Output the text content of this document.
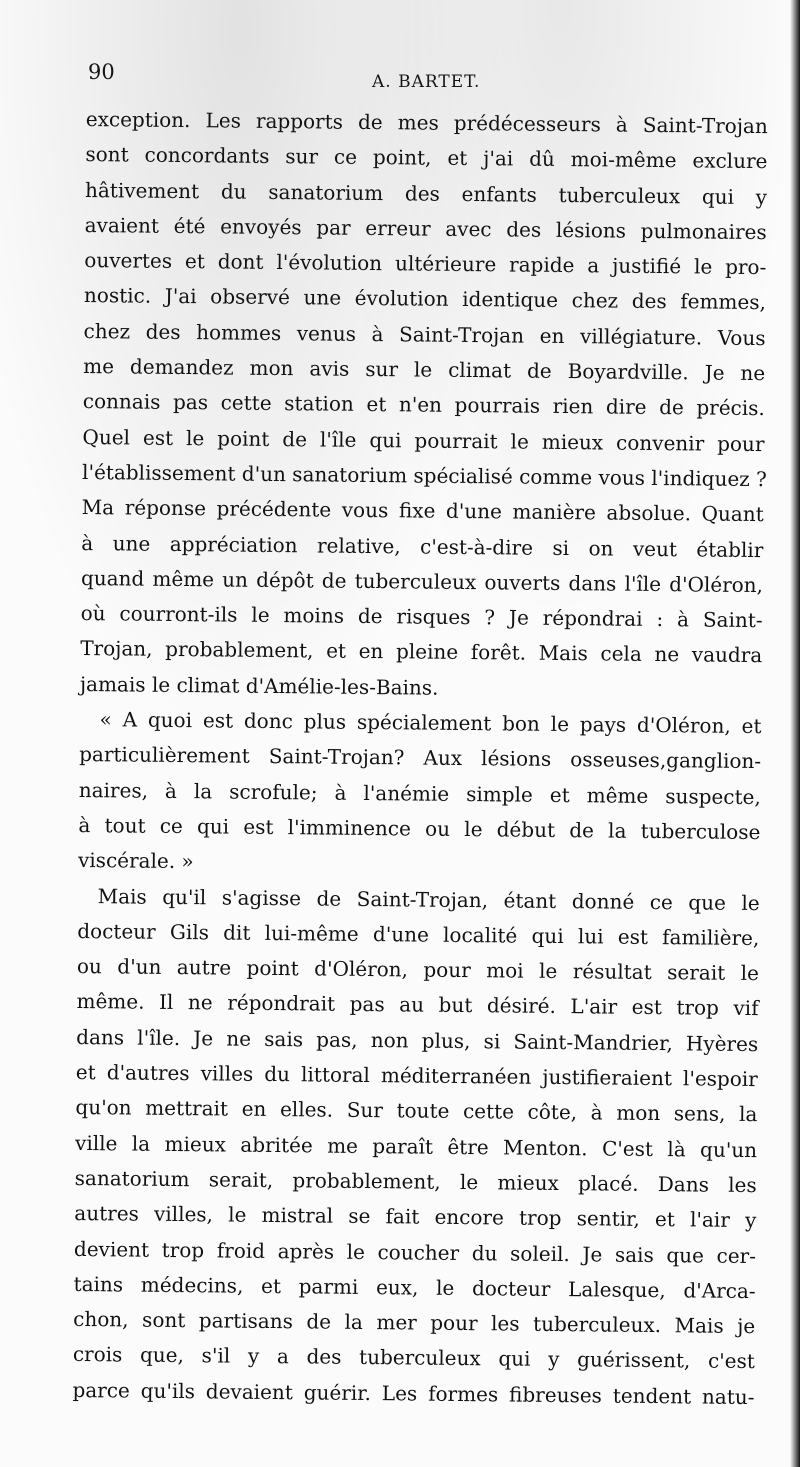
90	A. BARTET.
exception. Les rapports de mes prédécesseurs à Saint-Trojan
sont concordants sur ce point, et j'ai dû moi-même exclure
hâtivement du sanatorium des enfants tuberculeux qui y
avaient été envoyés par erreur avec des lésions pulmonaires
ouvertes et dont l'évolution ultérieure rapide a justifié le pro-
nostic. J'ai observé une évolution identique chez des femmes,
chez des hommes venus à Saint-Trojan en villégiature. Vous
me demandez mon avis sur le climat de Boyardville. Je ne
connais pas cette station et n'en pourrais rien dire de précis.
Quel est le point de l'île qui pourrait le mieux convenir pour
l'établissement d'un sanatorium spécialisé comme vous l'indiquez ?
Ma réponse précédente vous fixe d'une manière absolue. Quant
à une appréciation relative, c'est-à-dire si on veut établir
quand même un dépôt de tuberculeux ouverts dans l'île d'Oléron,
où courront-ils le moins de risques ? Je répondrai : à Saint-
Trojan, probablement, et en pleine forêt. Mais cela ne vaudra
jamais le climat d'Amélie-les-Bains.
« A quoi est donc plus spécialement bon le pays d'Oléron, et
particulièrement Saint-Trojan? Aux lésions osseuses,ganglion-
naires, à la scrofule; à l'anémie simple et même suspecte,
à tout ce qui est l'imminence ou le début de la tuberculose
viscérale. »
Mais qu'il s'agisse de Saint-Trojan, étant donné ce que le
docteur Gils dit lui-même d'une localité qui lui est familière,
ou d'un autre point d'Oléron, pour moi le résultat serait le
même. Il ne répondrait pas au but désiré. L'air est trop vif
dans l'île. Je ne sais pas, non plus, si Saint-Mandrier, Hyères
et d'autres villes du littoral méditerranéen justifieraient l'espoir
qu'on mettrait en elles. Sur toute cette côte, à mon sens, la
ville la mieux abritée me paraît être Menton. C'est là qu'un
sanatorium serait, probablement, le mieux placé. Dans les
autres villes, le mistral se fait encore trop sentir, et l'air y
devient trop froid après le coucher du soleil. Je sais que cer-
tains médecins, et parmi eux, le docteur Lalesque, d'Arca-
chon, sont partisans de la mer pour les tuberculeux. Mais je
crois que, s'il y a des tuberculeux qui y guérissent, c'est
parce qu'ils devaient guérir. Les formes fibreuses tendent natu-
